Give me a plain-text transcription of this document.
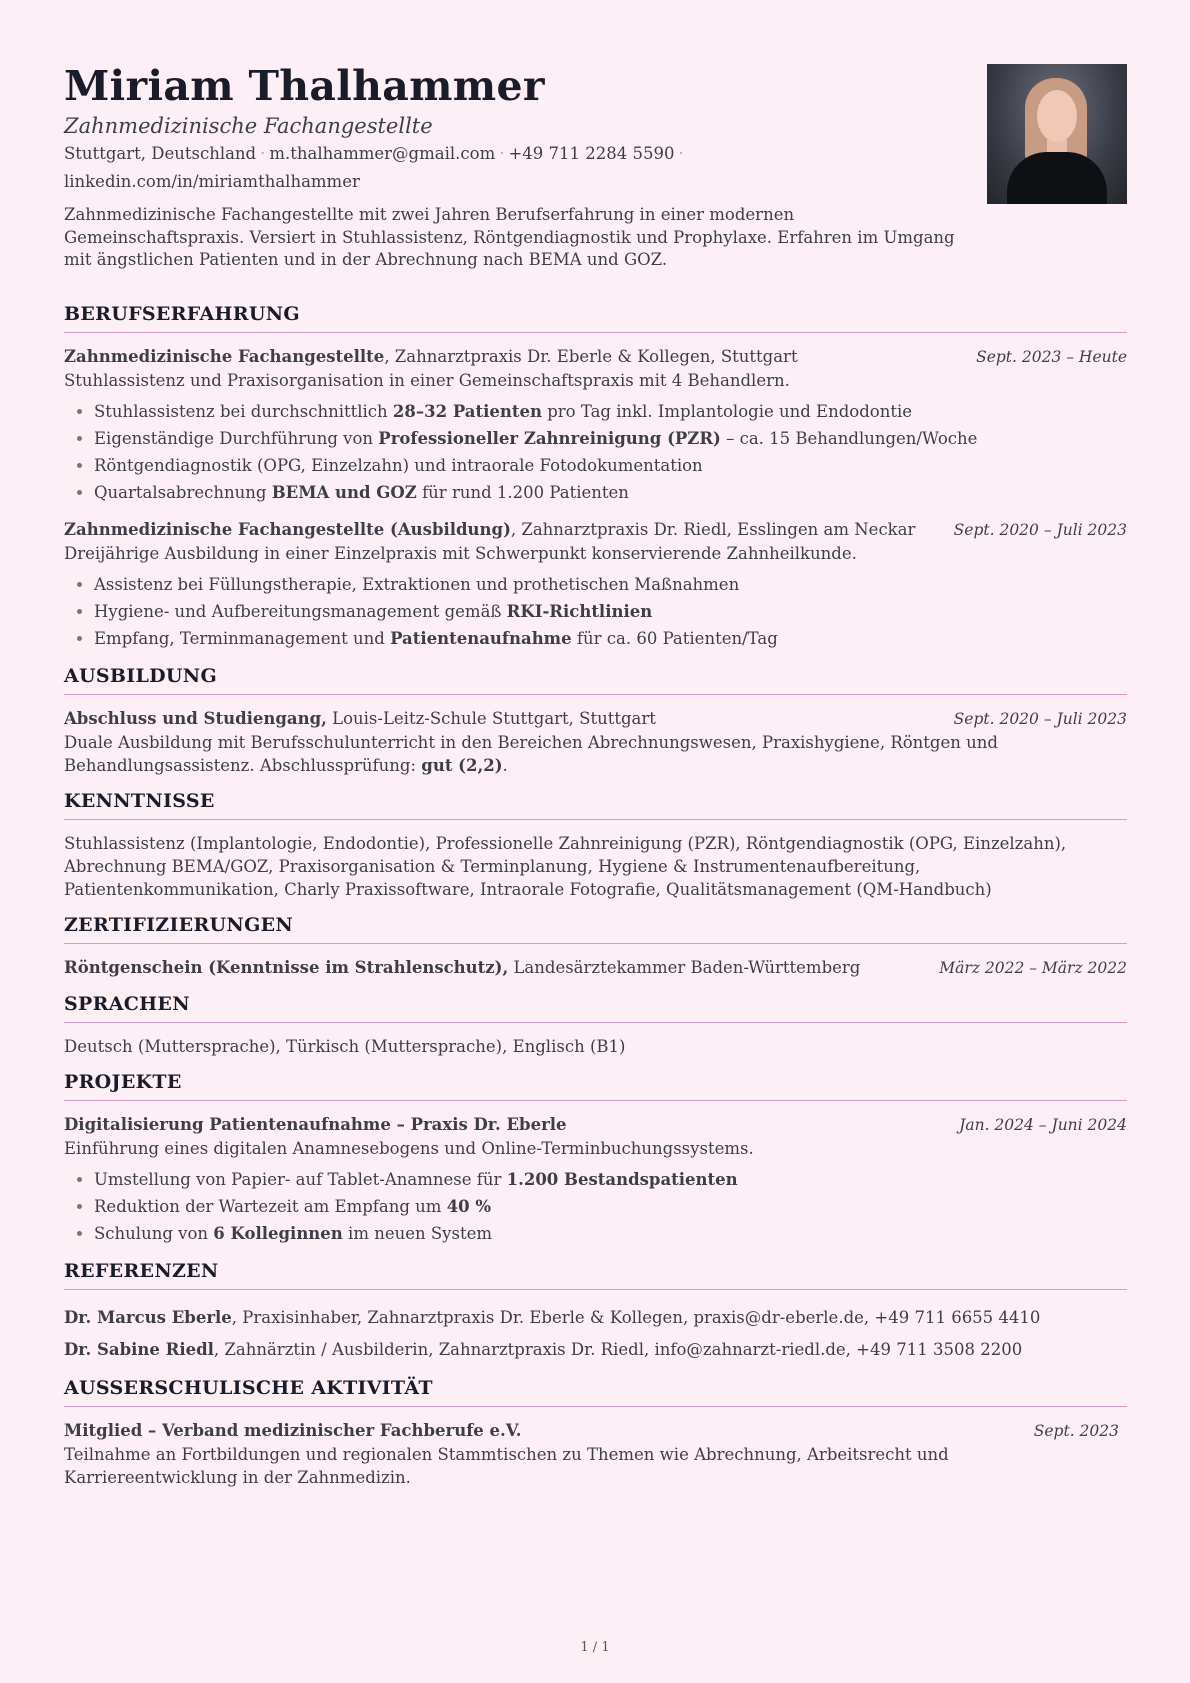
Miriam Thalhammer
Zahnmedizinische Fachangestellte
Stuttgart, Deutschland · m.thalhammer@gmail.com · +49 711 2284 5590 ·
linkedin.com/in/miriamthalhammer
Zahnmedizinische Fachangestellte mit zwei Jahren Berufserfahrung in einer modernen Gemeinschaftspraxis. Versiert in Stuhlassistenz, Röntgendiagnostik und Prophylaxe. Erfahren im Umgang mit ängstlichen Patienten und in der Abrechnung nach BEMA und GOZ.
BERUFSERFAHRUNG
Zahnmedizinische Fachangestellte, Zahnarztpraxis Dr. Eberle & Kollegen, Stuttgart	Sept. 2023 – Heute
Stuhlassistenz und Praxisorganisation in einer Gemeinschaftspraxis mit 4 Behandlern.
• Stuhlassistenz bei durchschnittlich 28–32 Patienten pro Tag inkl. Implantologie und Endodontie
• Eigenständige Durchführung von Professioneller Zahnreinigung (PZR) – ca. 15 Behandlungen/Woche
• Röntgendiagnostik (OPG, Einzelzahn) und intraorale Fotodokumentation
• Quartalsabrechnung BEMA und GOZ für rund 1.200 Patienten
Zahnmedizinische Fachangestellte (Ausbildung), Zahnarztpraxis Dr. Riedl, Esslingen am Neckar Sept. 2020 – Juli 2023
Dreijährige Ausbildung in einer Einzelpraxis mit Schwerpunkt konservierende Zahnheilkunde.
• Assistenz bei Füllungstherapie, Extraktionen und prothetischen Maßnahmen
• Hygiene- und Aufbereitungsmanagement gemäß RKI-Richtlinien
• Empfang, Terminmanagement und Patientenaufnahme für ca. 60 Patienten/Tag
AUSBILDUNG
Abschluss und Studiengang, Louis-Leitz-Schule Stuttgart, Stuttgart	Sept. 2020 – Juli 2023
Duale Ausbildung mit Berufsschulunterricht in den Bereichen Abrechnungswesen, Praxishygiene, Röntgen und Behandlungsassistenz. Abschlussprüfung: gut (2,2).
KENNTNISSE
Stuhlassistenz (Implantologie, Endodontie), Professionelle Zahnreinigung (PZR), Röntgendiagnostik (OPG, Einzelzahn), Abrechnung BEMA/GOZ, Praxisorganisation & Terminplanung, Hygiene & Instrumentenaufbereitung, Patientenkommunikation, Charly Praxissoftware, Intraorale Fotografie, Qualitätsmanagement (QM-Handbuch)
ZERTIFIZIERUNGEN
Röntgenschein (Kenntnisse im Strahlenschutz), Landesärztekammer Baden-Württemberg	März 2022 – März 2022
SPRACHEN
Deutsch (Muttersprache), Türkisch (Muttersprache), Englisch (B1)
PROJEKTE
Digitalisierung Patientenaufnahme – Praxis Dr. Eberle	Jan. 2024 – Juni 2024
Einführung eines digitalen Anamnesebogens und Online-Terminbuchungssystems.
• Umstellung von Papier- auf Tablet-Anamnese für 1.200 Bestandspatienten
• Reduktion der Wartezeit am Empfang um 40 %
• Schulung von 6 Kolleginnen im neuen System
REFERENZEN
Dr. Marcus Eberle, Praxisinhaber, Zahnarztpraxis Dr. Eberle & Kollegen, praxis@dr-eberle.de, +49 711 6655 4410
Dr. Sabine Riedl, Zahnärztin / Ausbilderin, Zahnarztpraxis Dr. Riedl, info@zahnarzt-riedl.de, +49 711 3508 2200
AUSSERSCHULISCHE AKTIVITÄT
Mitglied – Verband medizinischer Fachberufe e.V.	Sept. 2023
Teilnahme an Fortbildungen und regionalen Stammtischen zu Themen wie Abrechnung, Arbeitsrecht und Karriereentwicklung in der Zahnmedizin.
1 / 1
